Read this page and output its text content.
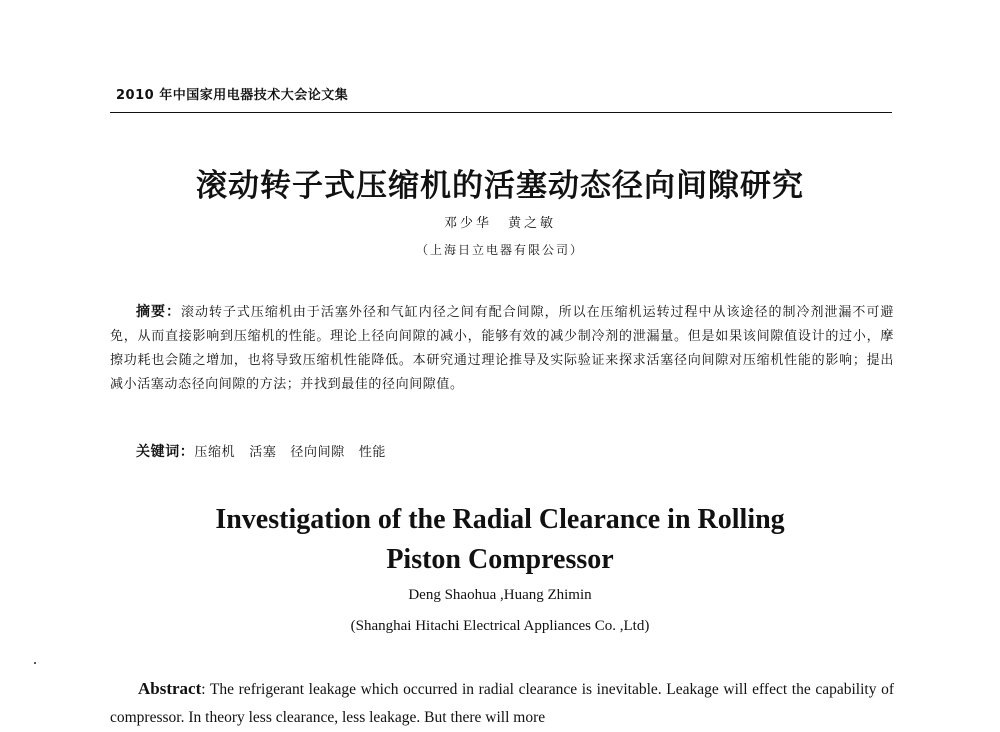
2010 年中国家用电器技术大会论文集
滚动转子式压缩机的活塞动态径向间隙研究
邓少华　黄之敏
（上海日立电器有限公司）
摘要：滚动转子式压缩机由于活塞外径和气缸内径之间有配合间隙，所以在压缩机运转过程中从该途径的制冷剂泄漏不可避免，从而直接影响到压缩机的性能。理论上径向间隙的减小，能够有效的减少制冷剂的泄漏量。但是如果该间隙值设计的过小，摩擦功耗也会随之增加，也将导致压缩机性能降低。本研究通过理论推导及实际验证来探求活塞径向间隙对压缩机性能的影响；提出减小活塞动态径向间隙的方法；并找到最佳的径向间隙值。
关键词：压缩机 活塞 径向间隙 性能
Investigation of the Radial Clearance in Rolling
Piston Compressor
Deng Shaohua ,Huang Zhimin
(Shanghai Hitachi Electrical Appliances Co. ,Ltd)
Abstract: The refrigerant leakage which occurred in radial clearance is inevitable. Leakage will effect the capability of compressor. In theory less clearance, less leakage. But there will more
